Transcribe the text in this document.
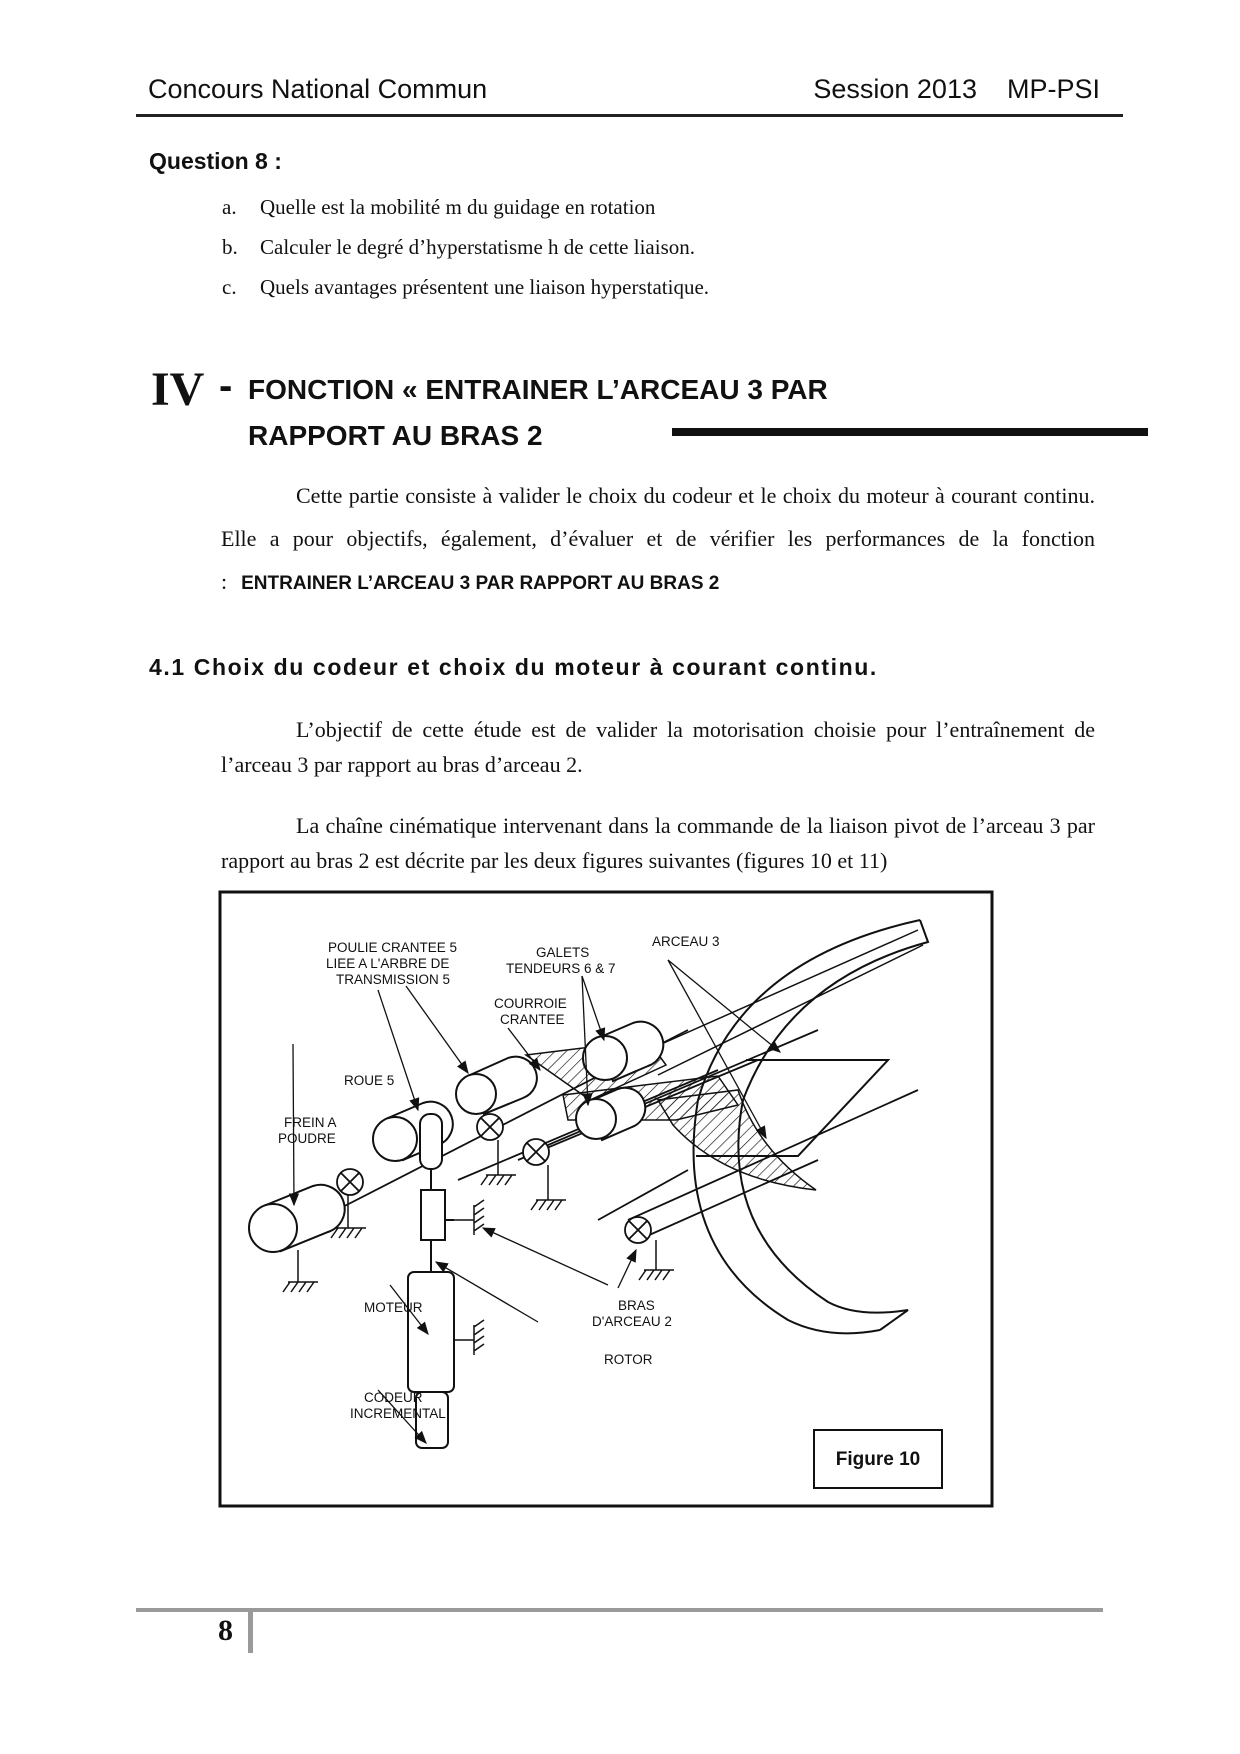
Concours National Commun	Session 2013    MP-PSI
Question 8 :
a. Quelle est la mobilité m du guidage en rotation
b. Calculer le degré d’hyperstatisme h de cette liaison.
c. Quels avantages présentent une liaison hyperstatique.
IV - FONCTION « ENTRAINER L’ARCEAU 3 PAR
RAPPORT AU BRAS 2
Cette partie consiste à valider le choix du codeur et le choix du moteur à courant continu. Elle a pour objectifs, également, d’évaluer et de vérifier les performances de la fonction : ENTRAINER L’ARCEAU 3 PAR RAPPORT AU BRAS 2
4.1 Choix du codeur et choix du moteur à courant continu.
L’objectif de cette étude est de valider la motorisation choisie pour l’entraînement de l’arceau 3 par rapport au bras d’arceau 2.
La chaîne cinématique intervenant dans la commande de la liaison pivot de l’arceau 3 par rapport au bras 2 est décrite par les deux figures suivantes (figures 10 et 11)
POULIE CRANTEE 5 LIEE A L'ARBRE DE TRANSMISSION 5
GALETS TENDEURS 6 & 7
ARCEAU 3
COURROIE CRANTEE
ROUE 5
FREIN A POUDRE
MOTEUR	BRAS D'ARCEAU 2
ROTOR
CODEUR INCREMENTAL
Figure 10
8
